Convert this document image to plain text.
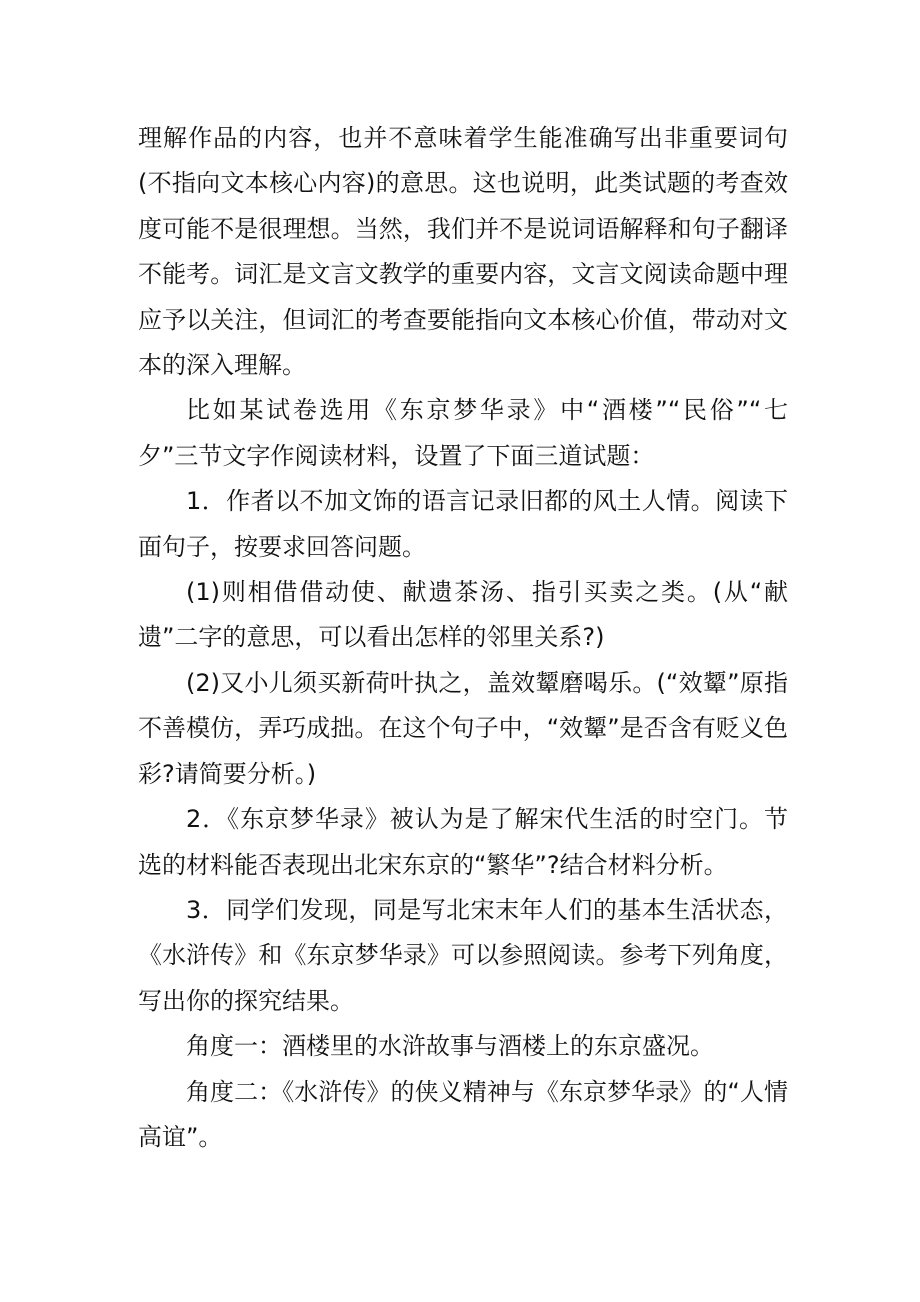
理解作品的内容，也并不意味着学生能准确写出非重要词句(不指向文本核心内容)的意思。这也说明，此类试题的考查效度可能不是很理想。当然，我们并不是说词语解释和句子翻译不能考。词汇是文言文教学的重要内容，文言文阅读命题中理应予以关注，但词汇的考查要能指向文本核心价值，带动对文本的深入理解。

比如某试卷选用《东京梦华录》中“酒楼”“民俗”“七夕”三节文字作阅读材料，设置了下面三道试题：

1．作者以不加文饰的语言记录旧都的风土人情。阅读下面句子，按要求回答问题。

(1)则相借借动使、献遗茶汤、指引买卖之类。(从“献遗”二字的意思，可以看出怎样的邻里关系?)

(2)又小儿须买新荷叶执之，盖效颦磨喝乐。(“效颦”原指不善模仿，弄巧成拙。在这个句子中，“效颦”是否含有贬义色彩?请简要分析。)

2．《东京梦华录》被认为是了解宋代生活的时空门。节选的材料能否表现出北宋东京的“繁华”?结合材料分析。

3．同学们发现，同是写北宋末年人们的基本生活状态，《水浒传》和《东京梦华录》可以参照阅读。参考下列角度，写出你的探究结果。

角度一：酒楼里的水浒故事与酒楼上的东京盛况。

角度二：《水浒传》的侠义精神与《东京梦华录》的“人情高谊”。
